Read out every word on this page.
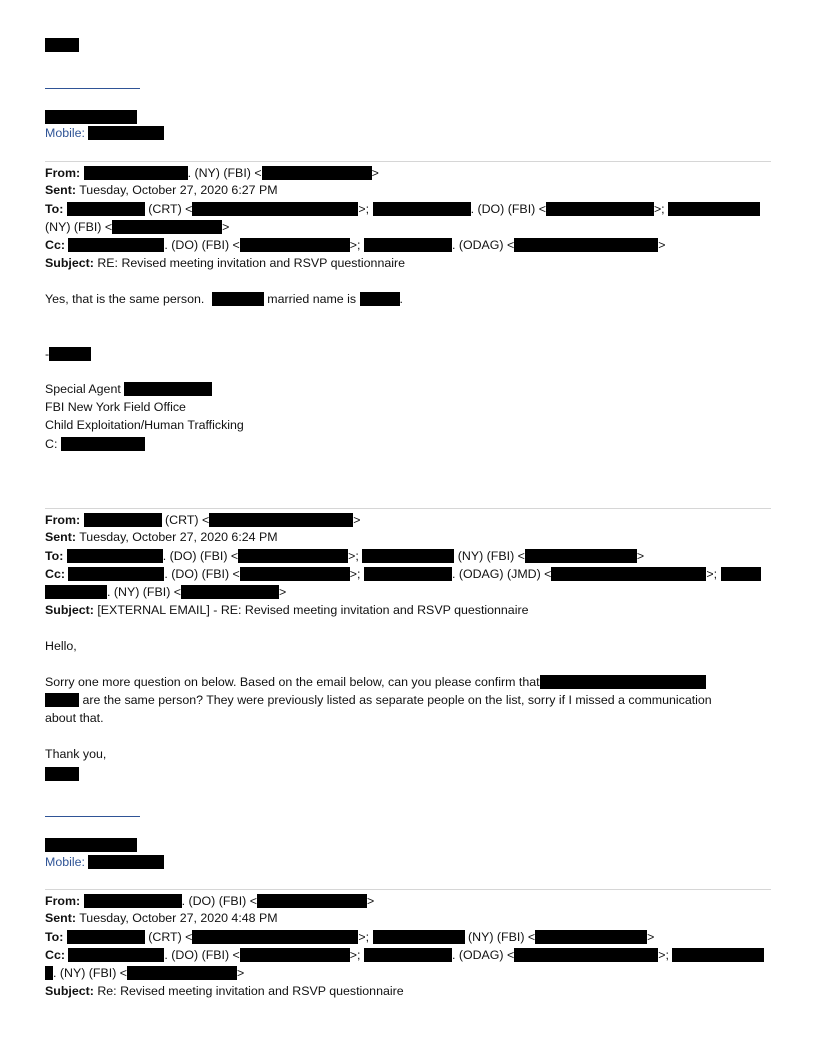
Mobile:
From:	. (NY) (FBI) <	>
Sent: Tuesday, October 27, 2020 6:27 PM
To:	(CRT) <	>;	. (DO) (FBI) <	>;
(NY) (FBI) <	>
Cc:	. (DO) (FBI) <	>;	. (ODAG) <	>
Subject: RE: Revised meeting invitation and RSVP questionnaire
Yes, that is the same person.	married name is	.
-
Special Agent
FBI New York Field Office
Child Exploitation/Human Trafficking
C:
From:	(CRT) <	>
Sent: Tuesday, October 27, 2020 6:24 PM
To:	. (DO) (FBI) <	>;	(NY) (FBI) <	>
Cc:	. (DO) (FBI) <	>;	. (ODAG) (JMD) <	>;
. (NY) (FBI) <	>
Subject: [EXTERNAL EMAIL] - RE: Revised meeting invitation and RSVP questionnaire
Hello,
Sorry one more question on below. Based on the email below, can you please confirm that
are the same person? They were previously listed as separate people on the list, sorry if I missed a communication
about that.
Thank you,
Mobile:
From:	. (DO) (FBI) <	>
Sent: Tuesday, October 27, 2020 4:48 PM
To:	(CRT) <	>;	(NY) (FBI) <	>
Cc:	. (DO) (FBI) <	>;	. (ODAG) <	>;
. (NY) (FBI) <	>
Subject: Re: Revised meeting invitation and RSVP questionnaire
